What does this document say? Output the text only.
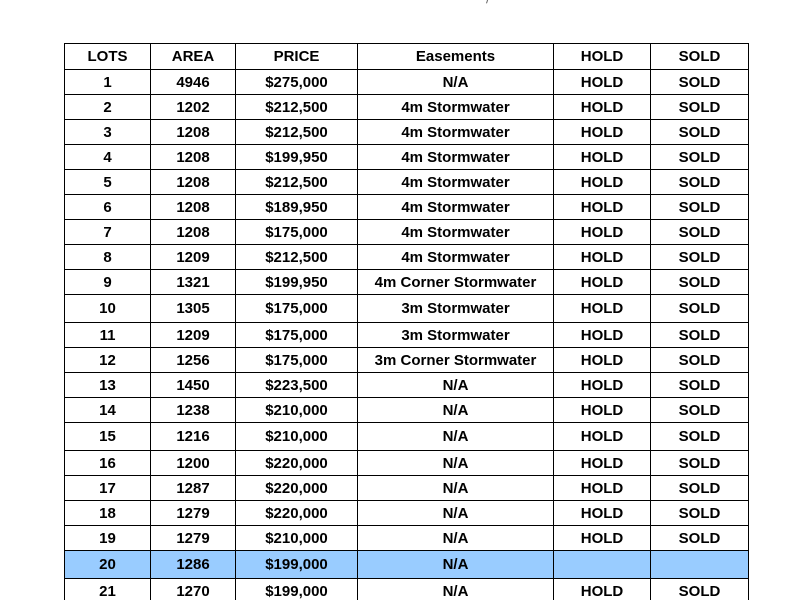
LOTS	AREA	PRICE	Easements	HOLD	SOLD
1	4946	$275,000	N/A	HOLD	SOLD
2	1202	$212,500	4m Stormwater	HOLD	SOLD
3	1208	$212,500	4m Stormwater	HOLD	SOLD
4	1208	$199,950	4m Stormwater	HOLD	SOLD
5	1208	$212,500	4m Stormwater	HOLD	SOLD
6	1208	$189,950	4m Stormwater	HOLD	SOLD
7	1208	$175,000	4m Stormwater	HOLD	SOLD
8	1209	$212,500	4m Stormwater	HOLD	SOLD
9	1321	$199,950	4m Corner Stormwater	HOLD	SOLD
10	1305	$175,000	3m Stormwater	HOLD	SOLD
11	1209	$175,000	3m Stormwater	HOLD	SOLD
12	1256	$175,000	3m Corner Stormwater	HOLD	SOLD
13	1450	$223,500	N/A	HOLD	SOLD
14	1238	$210,000	N/A	HOLD	SOLD
15	1216	$210,000	N/A	HOLD	SOLD
16	1200	$220,000	N/A	HOLD	SOLD
17	1287	$220,000	N/A	HOLD	SOLD
18	1279	$220,000	N/A	HOLD	SOLD
19	1279	$210,000	N/A	HOLD	SOLD
20	1286	$199,000	N/A		
21	1270	$199,000	N/A	HOLD	SOLD
